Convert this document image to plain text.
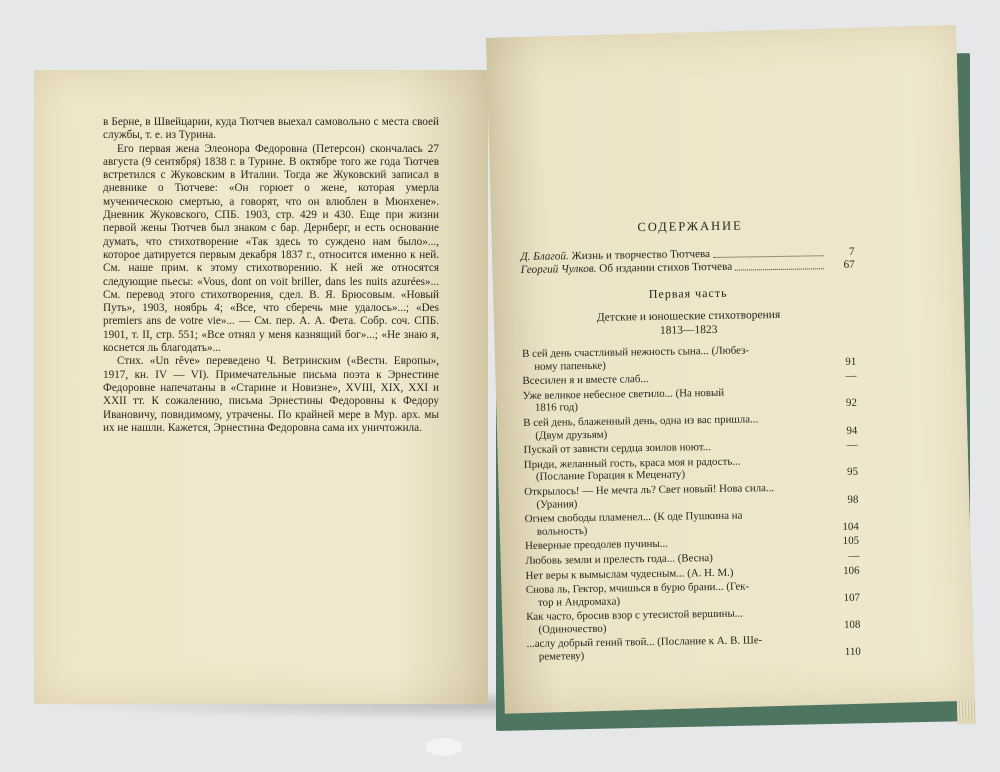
в Берне, в Швейцарии, куда Тютчев выехал самовольно с места своей службы, т. е. из Турина.

Его первая жена Элеонора Федоровна (Петерсон) скончалась 27 августа (9 сентября) 1838 г. в Турине. В октябре того же года Тютчев встретился с Жуковским в Италии. Тогда же Жуковский записал в дневнике о Тютчеве: «Он горюет о жене, которая умерла мученическою смертью, а говорят, что он влюблен в Мюнхене». Дневник Жуковского, СПБ. 1903, стр. 429 и 430. Еще при жизни первой жены Тютчев был знаком с бар. Дернберг, и есть основание думать, что стихотворение «Так здесь то суждено нам было»..., которое датируется первым декабря 1837 г., относится именно к ней. См. наше прим. к этому стихотворению. К ней же относятся следующие пьесы: «Vous, dont on voit briller, dans les nuits azurées»... См. перевод этого стихотворения, сдел. В. Я. Брюсовым. «Новый Путь», 1903, ноябрь 4; «Все, что сберечь мне удалось»...; «Des premiers ans de votre vie»... — См. пер. А. А. Фета. Собр. соч. СПБ. 1901, т. II, стр. 551; «Все отнял у меня казнящий бог»...; «Не знаю я, коснется ль благодать»...

Стих. «Un rêve» переведено Ч. Ветринским («Вестн. Европы», 1917, кн. IV — VI). Примечательные письма поэта к Эрнестине Федоровне напечатаны в «Старине и Новизне», XVIII, XIX, XXI и XXII тт. К сожалению, письма Эрнестины Федоровны к Федору Ивановичу, повидимому, утрачены. По крайней мере в Мур. арх. мы их не нашли. Кажется, Эрнестина Федоровна сама их уничтожила.

СОДЕРЖАНИЕ
Д. Благой.
Жизнь и творчество Тютчева	7
Георгий Чулков.
Об издании стихов Тютчева	67
Первая часть
Детские и юношеские стихотворения
1813—1823
В сей день счастливый нежность сына... (Любез-
ному папеньке)	91
Всесилен я и вместе слаб...	—
Уже великое небесное светило... (На новый
1816 год)	92
В сей день, блаженный день, одна из вас пришла...
(Двум друзьям)	94
Пускай от зависти сердца зоилов ноют...	—
Приди, желанный гость, краса моя и радость...
(Послание Горация к Меценату)	95
Открылось! — Не мечта ль? Свет новый! Нова сила...
(Урания)	98
Огнем свободы пламенел... (К оде Пушкина на
вольность)	104
Неверные преодолев пучины...	105
Любовь земли и прелесть года... (Весна)	—
Нет веры к вымыслам чудесным... (А. Н. М.)	106
Снова ль, Гектор, мчишься в бурю брани... (Гек-
тор и Андромаха)	107
Как часто, бросив взор с утесистой вершины...
(Одиночество)	108
...аслу добрый гений твой... (Послание к А. В. Ше-
реметеву)	110
